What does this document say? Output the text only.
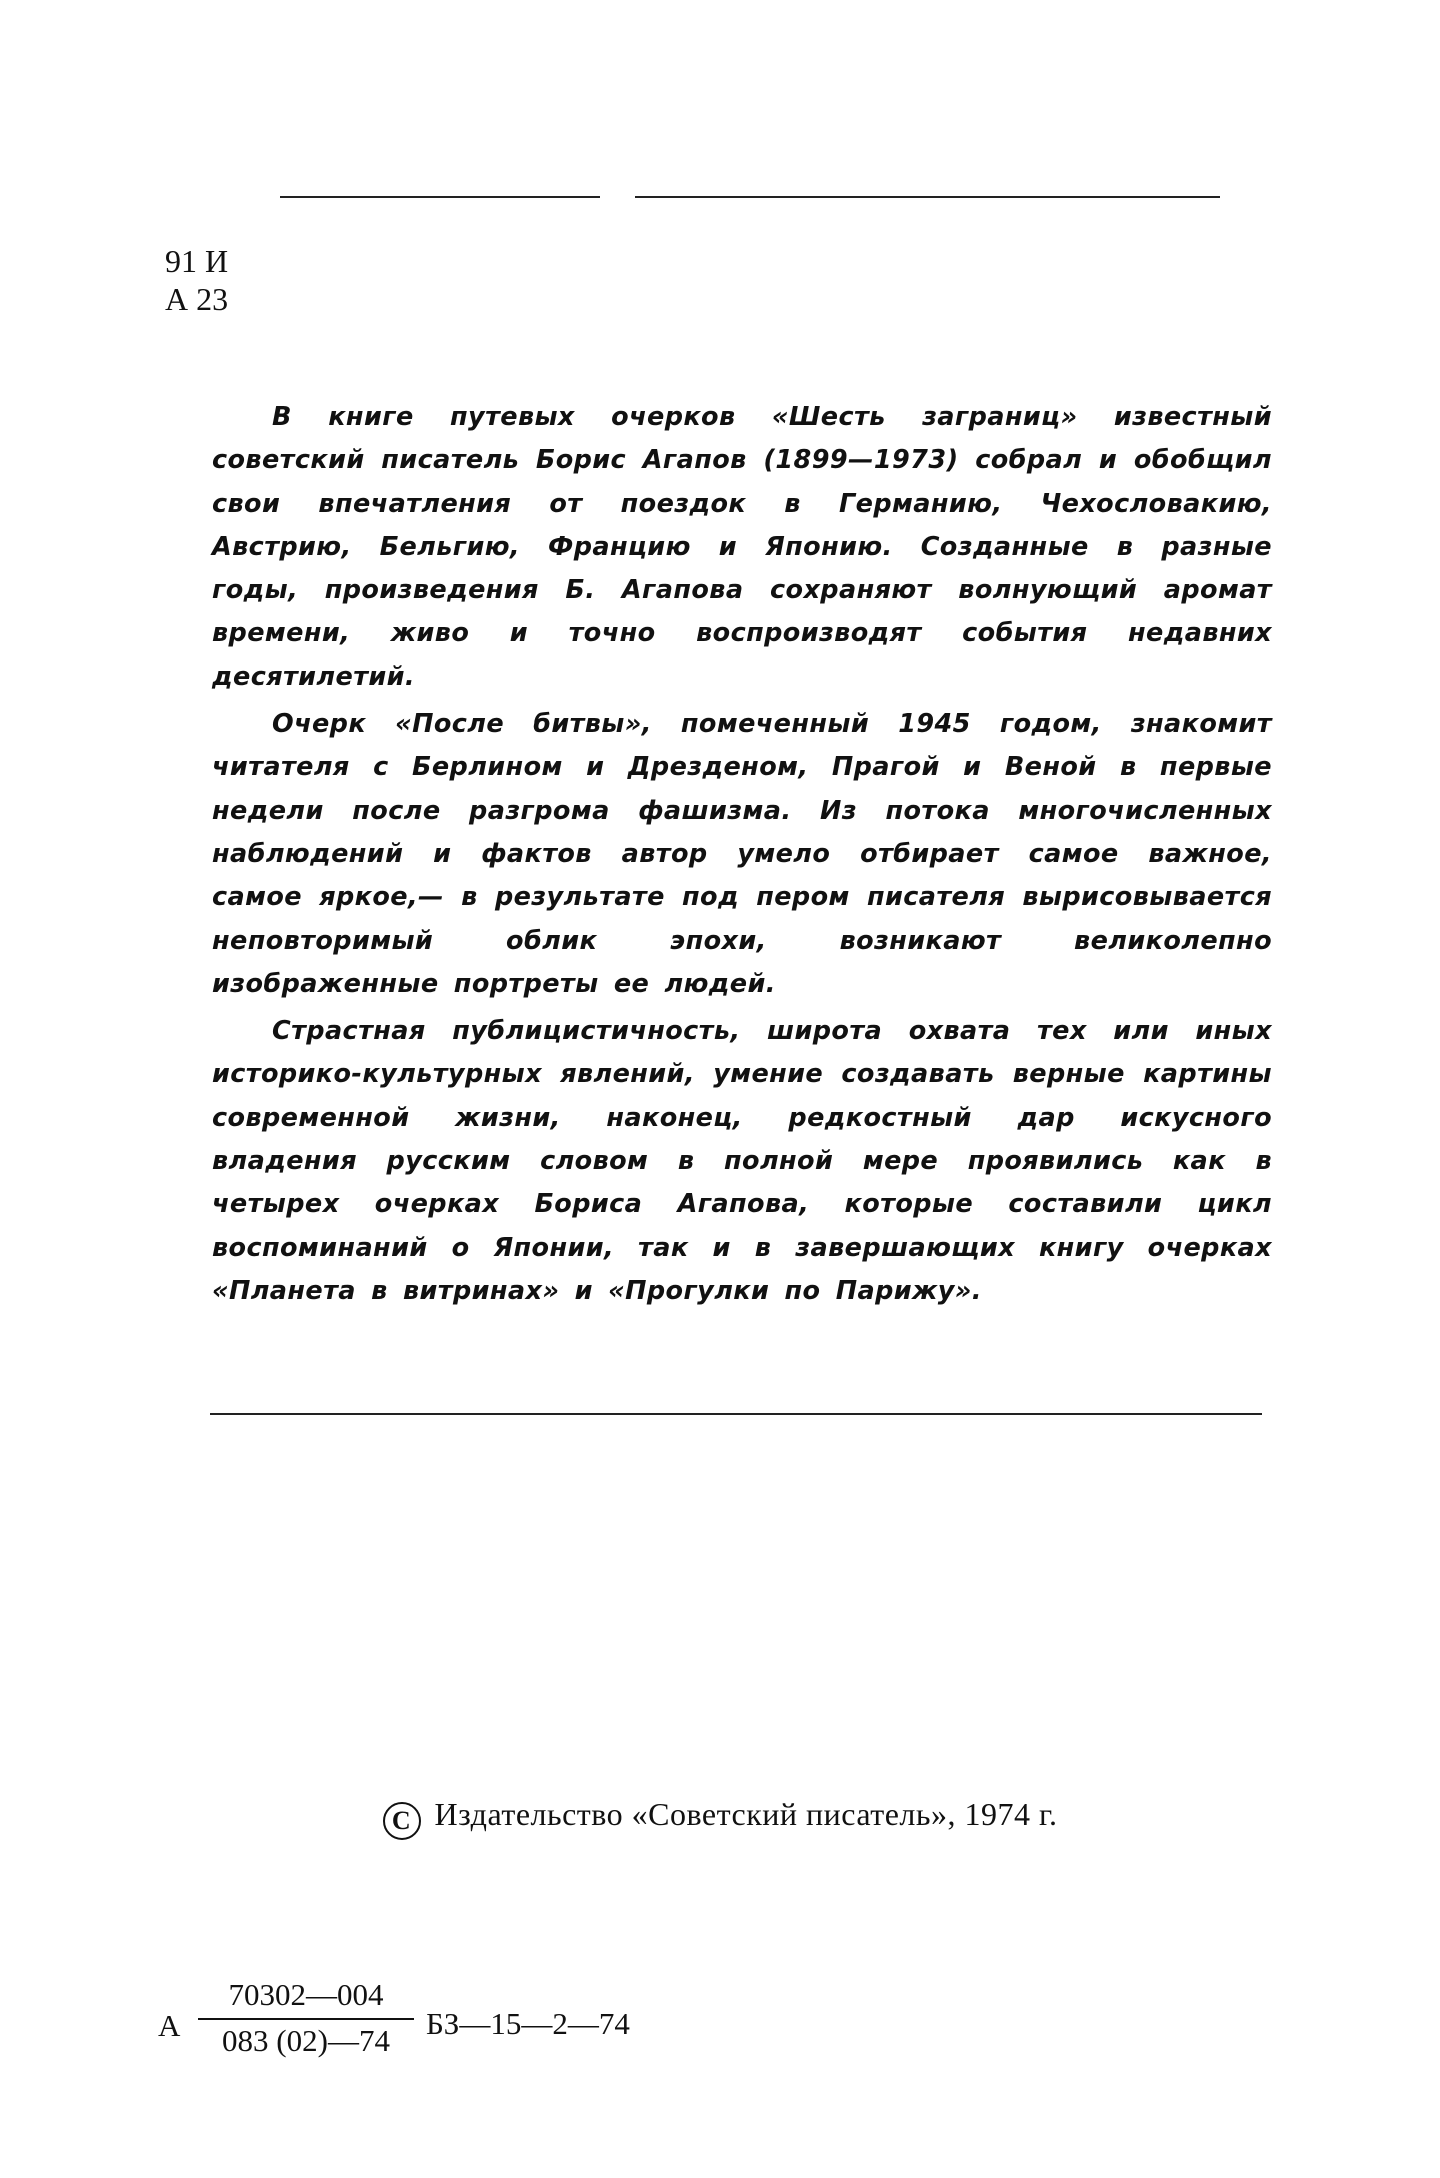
91 И
А 23

В книге путевых очерков «Шесть заграниц» известный советский писатель Борис Агапов (1899—1973) собрал и обобщил свои впечатления от поездок в Германию, Чехословакию, Австрию, Бельгию, Францию и Японию. Созданные в разные годы, произведения Б. Агапова сохраняют волнующий аромат времени, живо и точно воспроизводят события недавних десятилетий.

Очерк «После битвы», помеченный 1945 годом, знакомит читателя с Берлином и Дрезденом, Прагой и Веной в первые недели после разгрома фашизма. Из потока многочисленных наблюдений и фактов автор умело отбирает самое важное, самое яркое,— в результате под пером писателя вырисовывается неповторимый облик эпохи, возникают великолепно изображенные портреты ее людей.

Страстная публицистичность, широта охвата тех или иных историко-культурных явлений, умение создавать верные картины современной жизни, наконец, редкостный дар искусного владения русским словом в полной мере проявились как в четырех очерках Бориса Агапова, которые составили цикл воспоминаний о Японии, так и в завершающих книгу очерках «Планета в витринах» и «Прогулки по Парижу».

C Издательство «Советский писатель», 1974 г.
А
70302—004
083 (02)—74	БЗ—15—2—74
